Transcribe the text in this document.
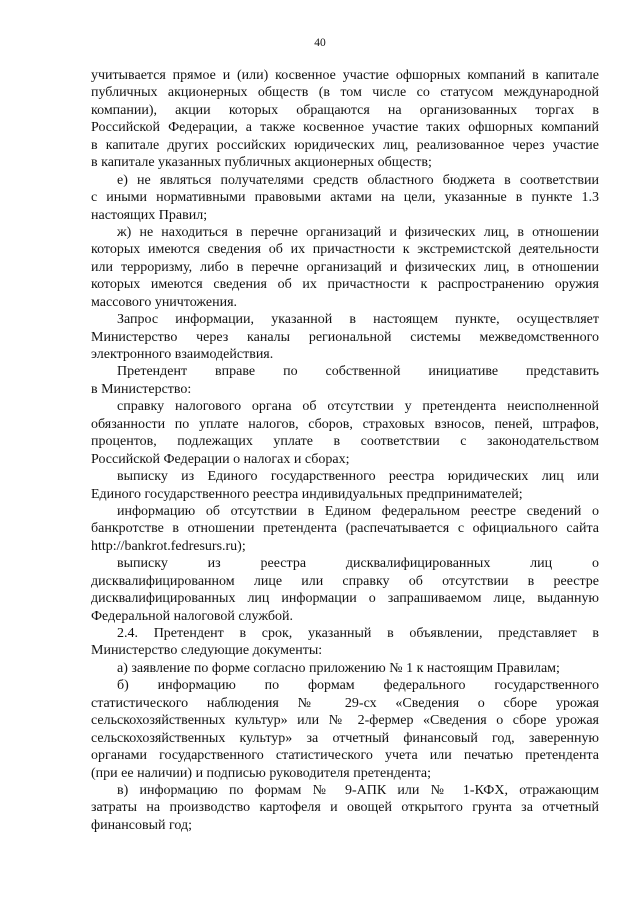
40
учитывается прямое и (или) косвенное участие офшорных компаний в капитале
публичных акционерных обществ (в том числе со статусом международной
компании), акции которых обращаются на организованных торгах в
Российской Федерации, а также косвенное участие таких офшорных компаний
в капитале других российских юридических лиц, реализованное через участие
в капитале указанных публичных акционерных обществ;
е) не являться получателями средств областного бюджета в соответствии
с иными нормативными правовыми актами на цели, указанные в пункте 1.3
настоящих Правил;
ж) не находиться в перечне организаций и физических лиц, в отношении
которых имеются сведения об их причастности к экстремистской деятельности
или терроризму, либо в перечне организаций и физических лиц, в отношении
которых имеются сведения об их причастности к распространению оружия
массового уничтожения.
Запрос информации, указанной в настоящем пункте, осуществляет
Министерство через каналы региональной системы межведомственного
электронного взаимодействия.
Претендент вправе по собственной инициативе представить
в Министерство:
справку налогового органа об отсутствии у претендента неисполненной
обязанности по уплате налогов, сборов, страховых взносов, пеней, штрафов,
процентов, подлежащих уплате в соответствии с законодательством
Российской Федерации о налогах и сборах;
выписку из Единого государственного реестра юридических лиц или
Единого государственного реестра индивидуальных предпринимателей;
информацию об отсутствии в Едином федеральном реестре сведений о
банкротстве в отношении претендента (распечатывается с официального сайта
http://bankrot.fedresurs.ru);
выписку из реестра дисквалифицированных лиц о
дисквалифицированном лице или справку об отсутствии в реестре
дисквалифицированных лиц информации о запрашиваемом лице, выданную
Федеральной налоговой службой.
2.4. Претендент в срок, указанный в объявлении, представляет в
Министерство следующие документы:
а) заявление по форме согласно приложению № 1 к настоящим Правилам;
б) информацию по формам федерального государственного
статистического наблюдения № 29-сх «Сведения о сборе урожая
сельскохозяйственных культур» или № 2-фермер «Сведения о сборе урожая
сельскохозяйственных культур» за отчетный финансовый год, заверенную
органами государственного статистического учета или печатью претендента
(при ее наличии) и подписью руководителя претендента;
в) информацию по формам № 9-АПК или № 1-КФХ, отражающим
затраты на производство картофеля и овощей открытого грунта за отчетный
финансовый год;
